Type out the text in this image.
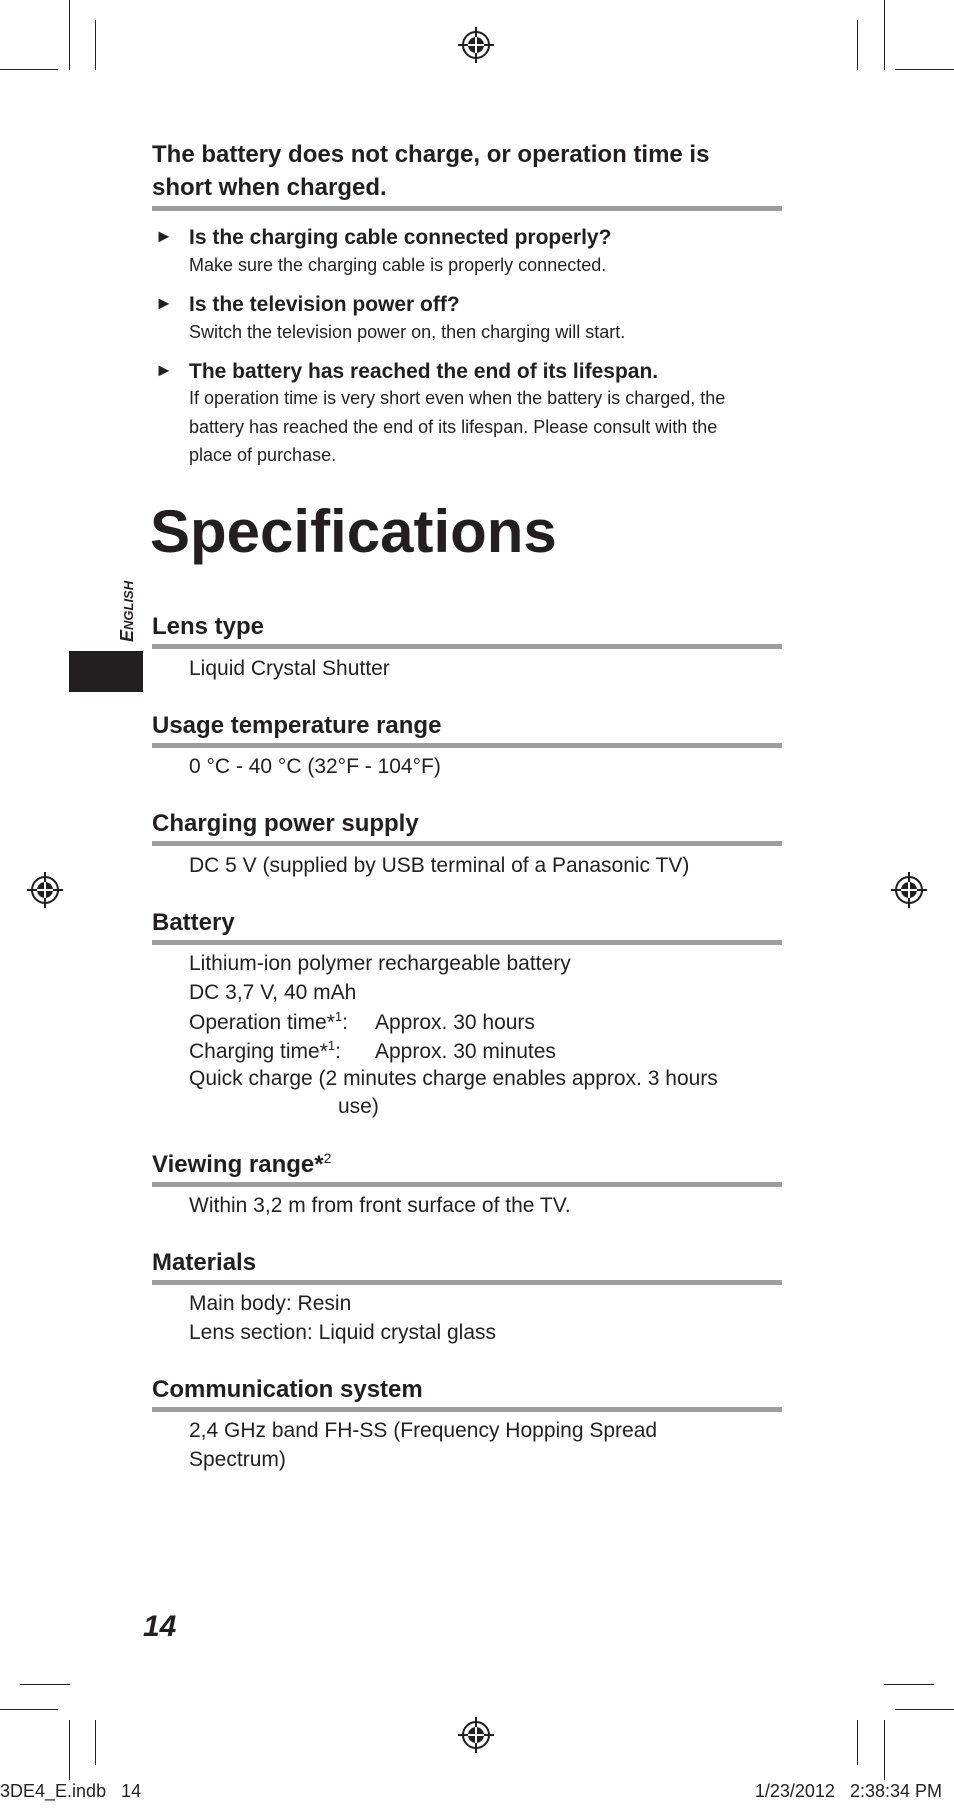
The battery does not charge, or operation time is
short when charged.
► Is the charging cable connected properly?
Make sure the charging cable is properly connected.
► Is the television power off?
Switch the television power on, then charging will start.
► The battery has reached the end of its lifespan.
If operation time is very short even when the battery is charged, the
battery has reached the end of its lifespan. Please consult with the
place of purchase.
Specifications
English Lens type
Liquid Crystal Shutter
Usage temperature range
0 °C - 40 °C (32°F - 104°F)
Charging power supply
DC 5 V (supplied by USB terminal of a Panasonic TV)
Battery
Lithium-ion polymer rechargeable battery
DC 3,7 V, 40 mAh
Operation time*$^1$: Approx. 30 hours
Charging time*$^1$: Approx. 30 minutes
Quick charge (2 minutes charge enables approx. 3 hours
use)
Viewing range*$^2$
Within 3,2 m from front surface of the TV.
Materials
Main body: Resin
Lens section: Liquid crystal glass
Communication system
2,4 GHz band FH-SS (Frequency Hopping Spread
Spectrum)
14
3DE4_E.indb   14	1/23/2012   2:38:34 PM
